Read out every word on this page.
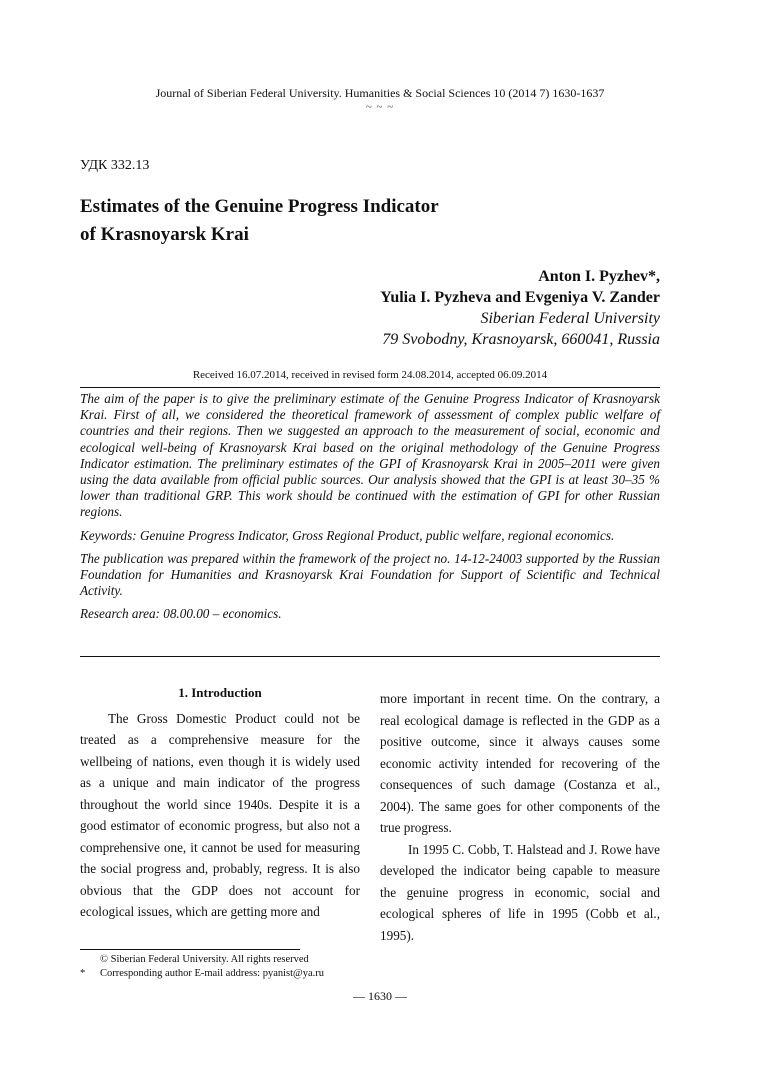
Journal of Siberian Federal University. Humanities & Social Sciences 10 (2014 7) 1630-1637
~ ~ ~
УДК 332.13
Estimates of the Genuine Progress Indicator
of Krasnoyarsk Krai
Anton I. Pyzhev*,
Yulia I. Pyzheva and Evgeniya V. Zander
Siberian Federal University
79 Svobodny, Krasnoyarsk, 660041, Russia
Received 16.07.2014, received in revised form 24.08.2014, accepted 06.09.2014

The aim of the paper is to give the preliminary estimate of the Genuine Progress Indicator of Krasnoyarsk Krai. First of all, we considered the theoretical framework of assessment of complex public welfare of countries and their regions. Then we suggested an approach to the measurement of social, economic and ecological well-being of Krasnoyarsk Krai based on the original methodology of the Genuine Progress Indicator estimation. The preliminary estimates of the GPI of Krasnoyarsk Krai in 2005–2011 were given using the data available from official public sources. Our analysis showed that the GPI is at least 30–35 % lower than traditional GRP. This work should be continued with the estimation of GPI for other Russian regions.

Keywords: Genuine Progress Indicator, Gross Regional Product, public welfare, regional economics.

The publication was prepared within the framework of the project no. 14-12-24003 supported by the Russian Foundation for Humanities and Krasnoyarsk Krai Foundation for Support of Scientific and Technical Activity.

Research area: 08.00.00 – economics.

1. Introduction

The Gross Domestic Product could not be treated as a comprehensive measure for the wellbeing of nations, even though it is widely used as a unique and main indicator of the progress throughout the world since 1940s. Despite it is a good estimator of economic progress, but also not a comprehensive one, it cannot be used for measuring the social progress and, probably, regress. It is also obvious that the GDP does not account for ecological issues, which are getting more and

more important in recent time. On the contrary, a real ecological damage is reflected in the GDP as a positive outcome, since it always causes some economic activity intended for recovering of the consequences of such damage (Costanza et al., 2004). The same goes for other components of the true progress.

In 1995 C. Cobb, T. Halstead and J. Rowe have developed the indicator being capable to measure the genuine progress in economic, social and ecological spheres of life in 1995 (Cobb et al., 1995).

© Siberian Federal University. All rights reserved
*	Corresponding author E-mail address: pyanist@ya.ru
— 1630 —
